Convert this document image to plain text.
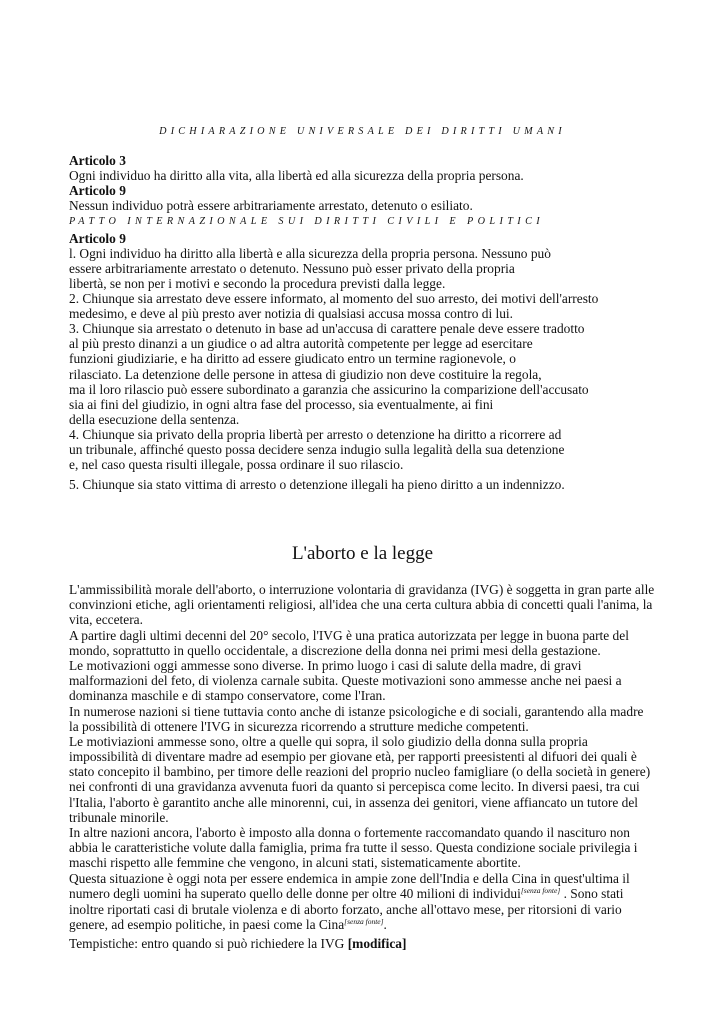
DICHIARAZIONE UNIVERSALE DEI DIRITTI UMANI
Articolo 3
Ogni individuo ha diritto alla vita, alla libertà ed alla sicurezza della propria persona.
Articolo 9
Nessun individuo potrà essere arbitrariamente arrestato, detenuto o esiliato.
PATTO INTERNAZIONALE SUI DIRITTI CIVILI E POLITICI
Articolo 9
l. Ogni individuo ha diritto alla libertà e alla sicurezza della propria persona. Nessuno può
essere arbitrariamente arrestato o detenuto. Nessuno può esser privato della propria
libertà, se non per i motivi e secondo la procedura previsti dalla legge.
2. Chiunque sia arrestato deve essere informato, al momento del suo arresto, dei motivi dell'arresto
medesimo, e deve al più presto aver notizia di qualsiasi accusa mossa contro di lui.
3. Chiunque sia arrestato o detenuto in base ad un'accusa di carattere penale deve essere tradotto
al più presto dinanzi a un giudice o ad altra autorità competente per legge ad esercitare
funzioni giudiziarie, e ha diritto ad essere giudicato entro un termine ragionevole, o
rilasciato. La detenzione delle persone in attesa di giudizio non deve costituire la regola,
ma il loro rilascio può essere subordinato a garanzia che assicurino la comparizione dell'accusato
sia ai fini del giudizio, in ogni altra fase del processo, sia eventualmente, ai fini
della esecuzione della sentenza.
4. Chiunque sia privato della propria libertà per arresto o detenzione ha diritto a ricorrere ad
un tribunale, affinché questo possa decidere senza indugio sulla legalità della sua detenzione
e, nel caso questa risulti illegale, possa ordinare il suo rilascio.
5. Chiunque sia stato vittima di arresto o detenzione illegali ha pieno diritto a un indennizzo.
L'aborto e la legge
L'ammissibilità morale dell'aborto, o interruzione volontaria di gravidanza (IVG) è soggetta in gran parte alle
convinzioni etiche, agli orientamenti religiosi, all'idea che una certa cultura abbia di concetti quali l'anima, la
vita, eccetera.
A partire dagli ultimi decenni del 20° secolo, l'IVG è una pratica autorizzata per legge in buona parte del
mondo, soprattutto in quello occidentale, a discrezione della donna nei primi mesi della gestazione.
Le motivazioni oggi ammesse sono diverse. In primo luogo i casi di salute della madre, di gravi
malformazioni del feto, di violenza carnale subita. Queste motivazioni sono ammesse anche nei paesi a
dominanza maschile e di stampo conservatore, come l'Iran.
In numerose nazioni si tiene tuttavia conto anche di istanze psicologiche e di sociali, garantendo alla madre
la possibilità di ottenere l'IVG in sicurezza ricorrendo a strutture mediche competenti.
Le motiviazioni ammesse sono, oltre a quelle qui sopra, il solo giudizio della donna sulla propria
impossibilità di diventare madre ad esempio per giovane età, per rapporti preesistenti al difuori dei quali è
stato concepito il bambino, per timore delle reazioni del proprio nucleo famigliare (o della società in genere)
nei confronti di una gravidanza avvenuta fuori da quanto si percepisca come lecito. In diversi paesi, tra cui
l'Italia, l'aborto è garantito anche alle minorenni, cui, in assenza dei genitori, viene affiancato un tutore del
tribunale minorile.
In altre nazioni ancora, l'aborto è imposto alla donna o fortemente raccomandato quando il nascituro non
abbia le caratteristiche volute dalla famiglia, prima fra tutte il sesso. Questa condizione sociale privilegia i
maschi rispetto alle femmine che vengono, in alcuni stati, sistematicamente abortite.
Questa situazione è oggi nota per essere endemica in ampie zone dell'India e della Cina in quest'ultima il
numero degli uomini ha superato quello delle donne per oltre 40 milioni di individui[senza fonte] . Sono stati
inoltre riportati casi di brutale violenza e di aborto forzato, anche all'ottavo mese, per ritorsioni di vario
genere, ad esempio politiche, in paesi come la Cina[senza fonte].
Tempistiche: entro quando si può richiedere la IVG [modifica]
